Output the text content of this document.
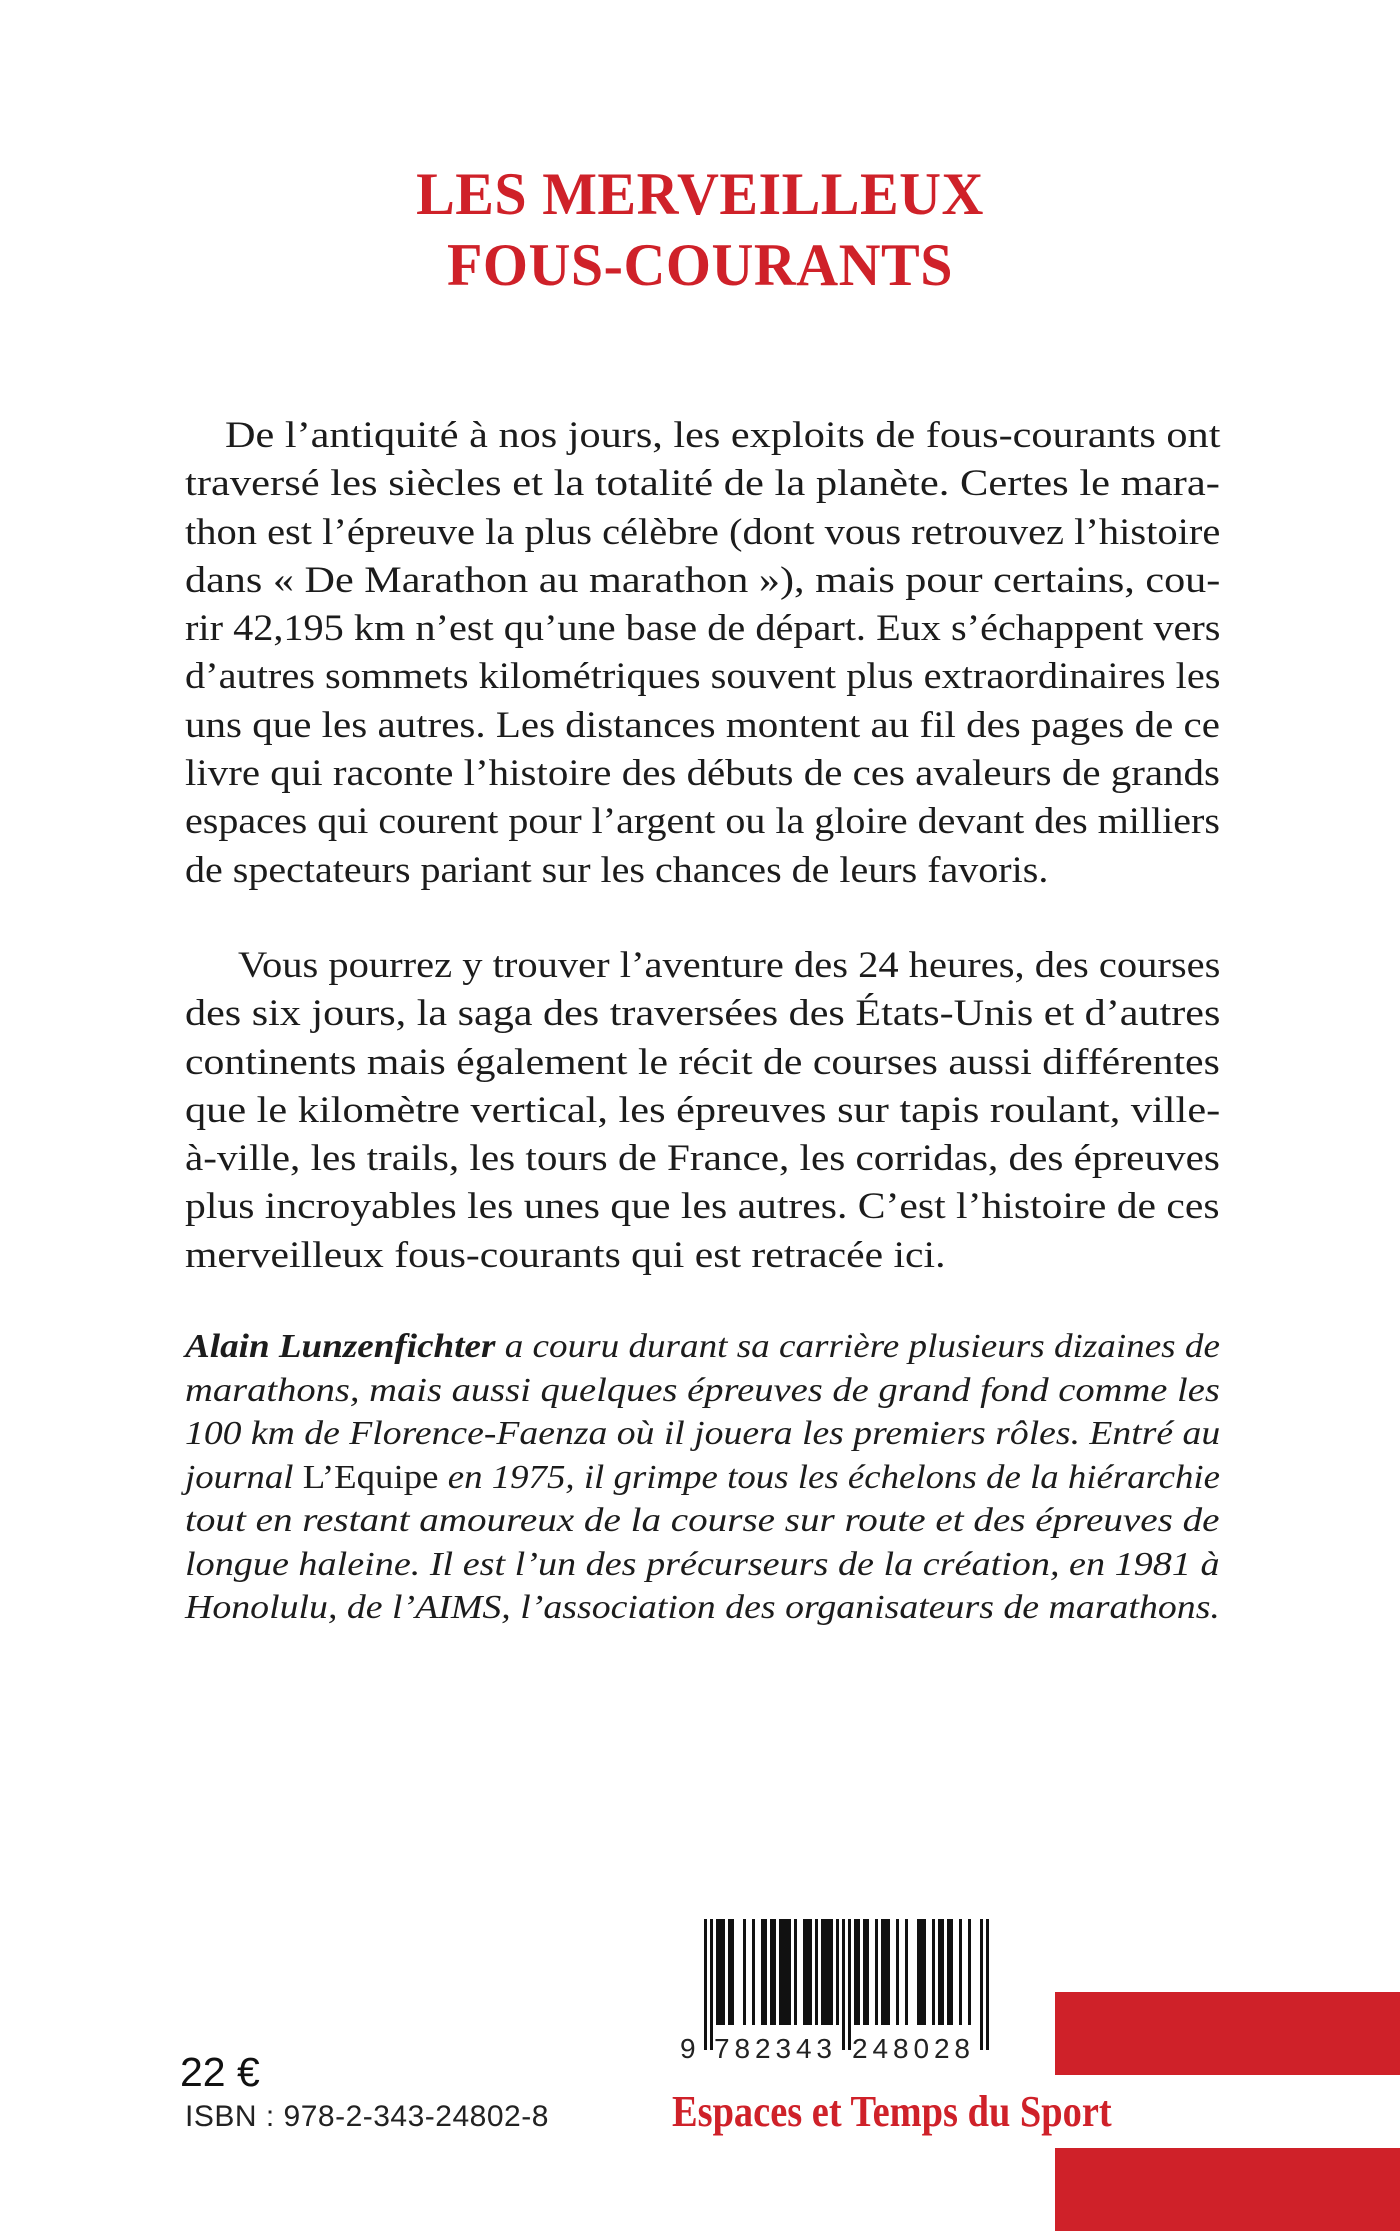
LES MERVEILLEUX
FOUS-COURANTS
De l’antiquité à nos jours, les exploits de fous-courants ont
traversé les siècles et la totalité de la planète. Certes le mara-
thon est l’épreuve la plus célèbre (dont vous retrouvez l’histoire
dans « De Marathon au marathon »), mais pour certains, cou-
rir 42,195 km n’est qu’une base de départ. Eux s’échappent vers
d’autres sommets kilométriques souvent plus extraordinaires les
uns que les autres. Les distances montent au fil des pages de ce
livre qui raconte l’histoire des débuts de ces avaleurs de grands
espaces qui courent pour l’argent ou la gloire devant des milliers
de spectateurs pariant sur les chances de leurs favoris.
Vous pourrez y trouver l’aventure des 24 heures, des courses
des six jours, la saga des traversées des États-Unis et d’autres
continents mais également le récit de courses aussi différentes
que le kilomètre vertical, les épreuves sur tapis roulant, ville-
à-ville, les trails, les tours de France, les corridas, des épreuves
plus incroyables les unes que les autres. C’est l’histoire de ces
merveilleux fous-courants qui est retracée ici.
Alain Lunzenfichter a couru durant sa carrière plusieurs dizaines de
marathons, mais aussi quelques épreuves de grand fond comme les
100 km de Florence-Faenza où il jouera les premiers rôles. Entré au
journal L’Equipe en 1975, il grimpe tous les échelons de la hiérarchie
tout en restant amoureux de la course sur route et des épreuves de
longue haleine. Il est l’un des précurseurs de la création, en 1981 à
Honolulu, de l’AIMS, l’association des organisateurs de marathons.
9 782343 248028
22 €
ISBN : 978-2-343-24802-8	Espaces et Temps du Sport
